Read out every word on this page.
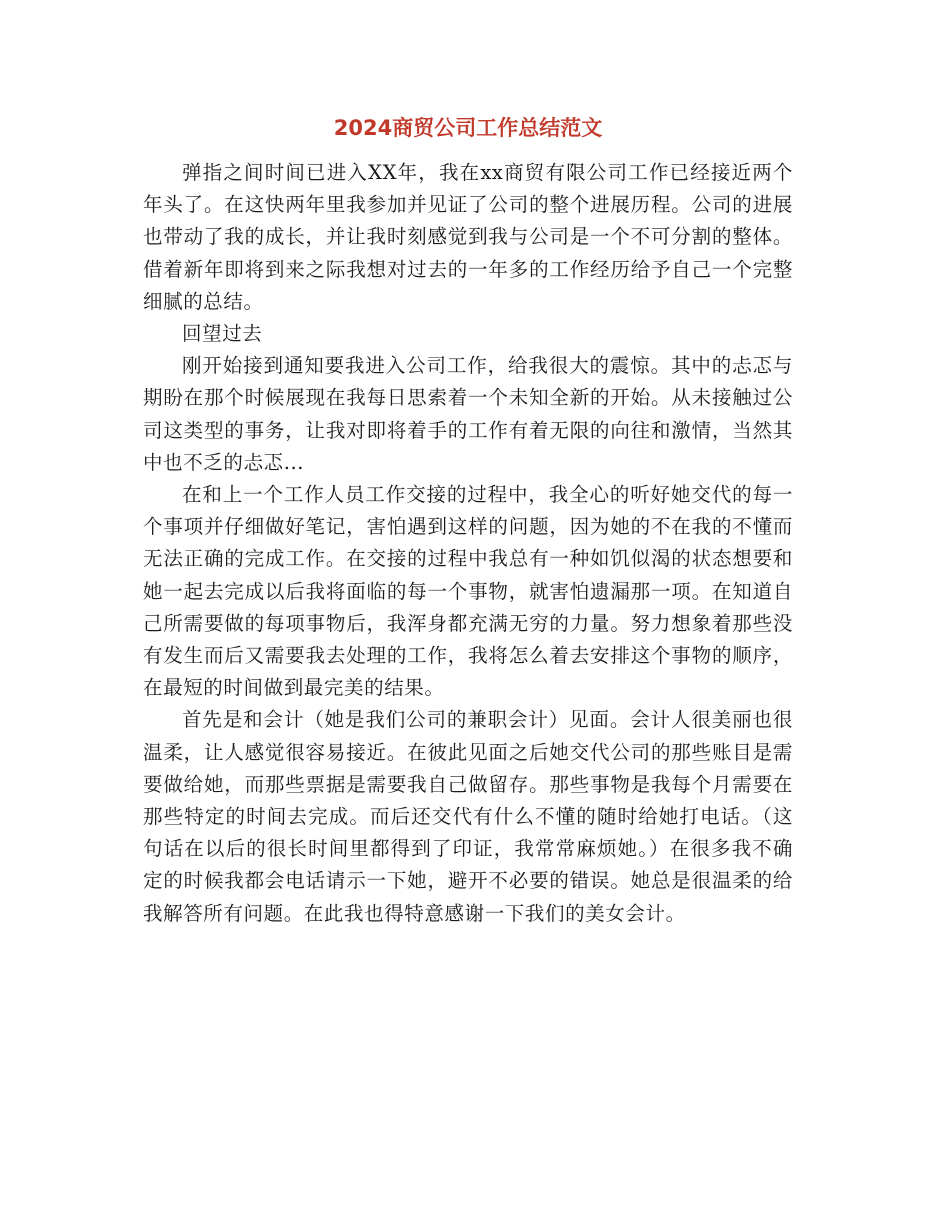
2024商贸公司工作总结范文

弹指之间时间已进入XX年，我在xx商贸有限公司工作已经接近两个年头了。在这快两年里我参加并见证了公司的整个进展历程。公司的进展也带动了我的成长，并让我时刻感觉到我与公司是一个不可分割的整体。借着新年即将到来之际我想对过去的一年多的工作经历给予自己一个完整细腻的总结。

回望过去

刚开始接到通知要我进入公司工作，给我很大的震惊。其中的忐忑与期盼在那个时候展现在我每日思索着一个未知全新的开始。从未接触过公司这类型的事务，让我对即将着手的工作有着无限的向往和激情，当然其中也不乏的忐忑...

在和上一个工作人员工作交接的过程中，我全心的听好她交代的每一个事项并仔细做好笔记，害怕遇到这样的问题，因为她的不在我的不懂而无法正确的完成工作。在交接的过程中我总有一种如饥似渴的状态想要和她一起去完成以后我将面临的每一个事物，就害怕遗漏那一项。在知道自己所需要做的每项事物后，我浑身都充满无穷的力量。努力想象着那些没有发生而后又需要我去处理的工作，我将怎么着去安排这个事物的顺序，在最短的时间做到最完美的结果。

首先是和会计（她是我们公司的兼职会计）见面。会计人很美丽也很温柔，让人感觉很容易接近。在彼此见面之后她交代公司的那些账目是需要做给她，而那些票据是需要我自己做留存。那些事物是我每个月需要在那些特定的时间去完成。而后还交代有什么不懂的随时给她打电话。（这句话在以后的很长时间里都得到了印证，我常常麻烦她。）在很多我不确定的时候我都会电话请示一下她，避开不必要的错误。她总是很温柔的给我解答所有问题。在此我也得特意感谢一下我们的美女会计。
